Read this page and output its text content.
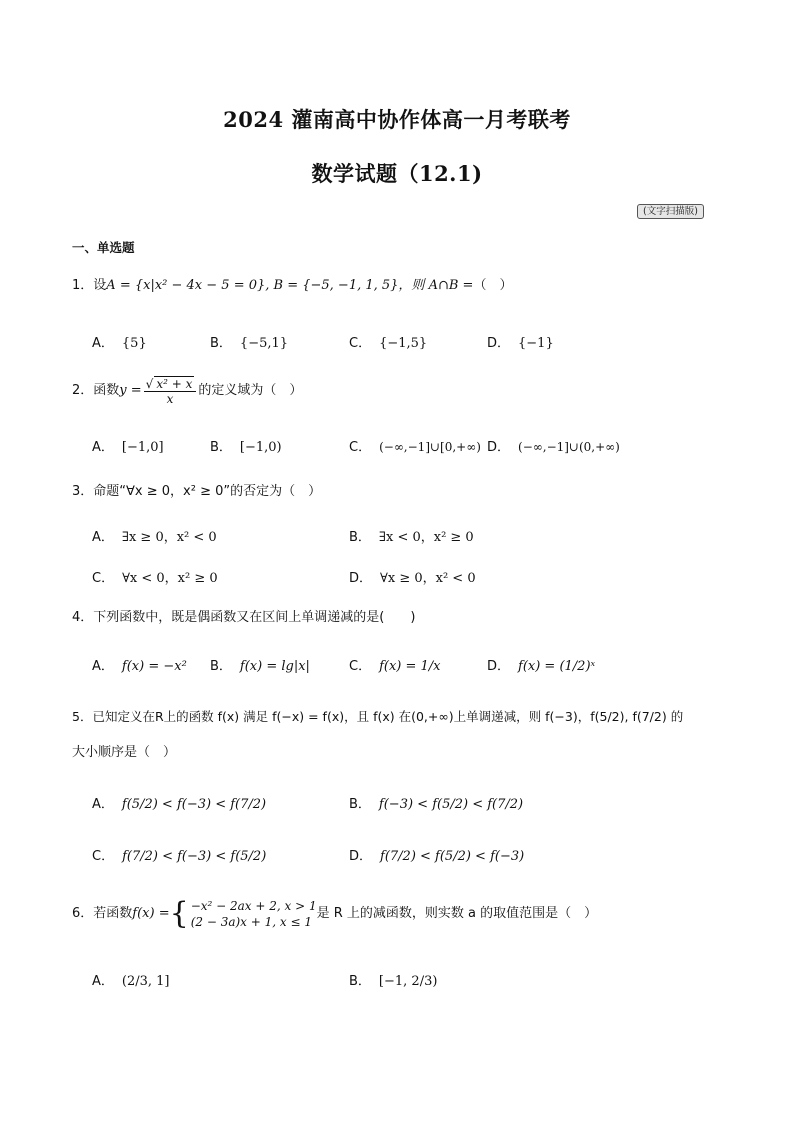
2024 灌南高中协作体高一月考联考
数学试题（12.1)
(文字扫描版)
一、单选题
1．设A = {x|x² − 4x − 5 = 0}, B = {−5, −1, 1, 5}，则 A∩B =（　）
A． {5}	B． {−5,1}	C． {−1,5}	D． {−1}
2．函数$y = \frac{\text{√ x² + x}}{x}$ 的定义域为（　）
A． [−1,0]	B． [−1,0)	C． (−∞,−1]∪[0,+∞) D． (−∞,−1]∪(0,+∞)
3．命题“∀x ≥ 0，x² ≥ 0”的否定为（　）
A． ∃x ≥ 0，x² < 0	B． ∃x < 0，x² ≥ 0
C． ∀x < 0，x² ≥ 0	D． ∀x ≥ 0，x² < 0
4．下列函数中，既是偶函数又在区间上单调递减的是(　　)
A． f(x) = −x² B． f(x) = lg|x|	C． f(x) = 1/x	D． f(x) = (1/2)ˣ
5．已知定义在R上的函数 f(x) 满足 f(−x) = f(x)，且 f(x) 在(0,+∞)上单调递减，则 f(−3)，f(5/2), f(7/2) 的
大小顺序是（　）
A． f(5/2) < f(−3) < f(7/2)	B． f(−3) < f(5/2) < f(7/2)
C． f(7/2) < f(−3) < f(5/2)	D． f(7/2) < f(5/2) < f(−3)
6．若函数f(x) = { −x² − 2ax + 2, x > 1
(2 − 3a)x + 1, x ≤ 1
是 R 上的减函数，则实数 a 的取值范围是（　）
A． (2/3, 1]	B． [−1, 2/3)
